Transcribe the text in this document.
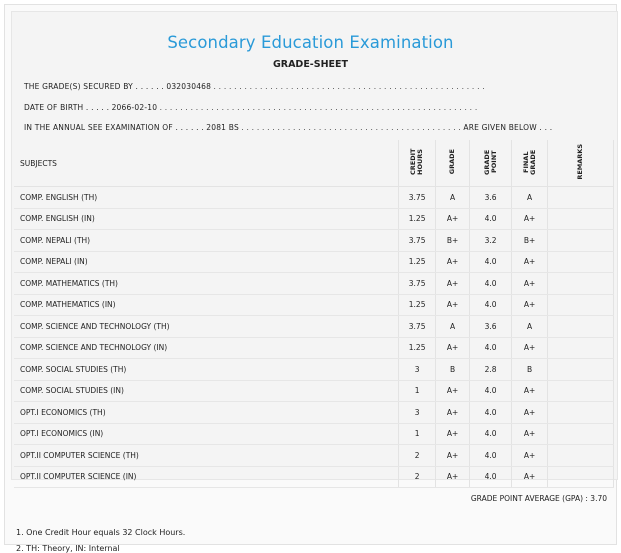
Secondary Education Examination
GRADE-SHEET
THE GRADE(S) SECURED BY . . . . . . 032030468 . . . . . . . . . . . . . . . . . . . . . . . . . . . . . . . . . . . . . . . . . . . . . . . . . . . . .
DATE OF BIRTH . . . . . 2066-02-10 . . . . . . . . . . . . . . . . . . . . . . . . . . . . . . . . . . . . . . . . . . . . . . . . . . . . . . . . . . . . . .
IN THE ANNUAL SEE EXAMINATION OF . . . . . . 2081 BS . . . . . . . . . . . . . . . . . . . . . . . . . . . . . . . . . . . . . . . . . . . ARE GIVEN BELOW . . .
SUBJECTS	CREDIT HOURS	GRADE	GRADE POINT	FINAL GRADE	REMARKS
COMP. ENGLISH (TH)	3.75	A	3.6	A	
COMP. ENGLISH (IN)	1.25	A+	4.0	A+	
COMP. NEPALI (TH)	3.75	B+	3.2	B+	
COMP. NEPALI (IN)	1.25	A+	4.0	A+	
COMP. MATHEMATICS (TH)	3.75	A+	4.0	A+	
COMP. MATHEMATICS (IN)	1.25	A+	4.0	A+	
COMP. SCIENCE AND TECHNOLOGY (TH)	3.75	A	3.6	A	
COMP. SCIENCE AND TECHNOLOGY (IN)	1.25	A+	4.0	A+	
COMP. SOCIAL STUDIES (TH)	3	B	2.8	B	
COMP. SOCIAL STUDIES (IN)	1	A+	4.0	A+	
OPT.I ECONOMICS (TH)	3	A+	4.0	A+	
OPT.I ECONOMICS (IN)	1	A+	4.0	A+	
OPT.II COMPUTER SCIENCE (TH)	2	A+	4.0	A+	
OPT.II COMPUTER SCIENCE (IN)	2	A+	4.0	A+	
GRADE POINT AVERAGE (GPA) : 3.70
1. One Credit Hour equals 32 Clock Hours.
2. TH: Theory, IN: Internal
